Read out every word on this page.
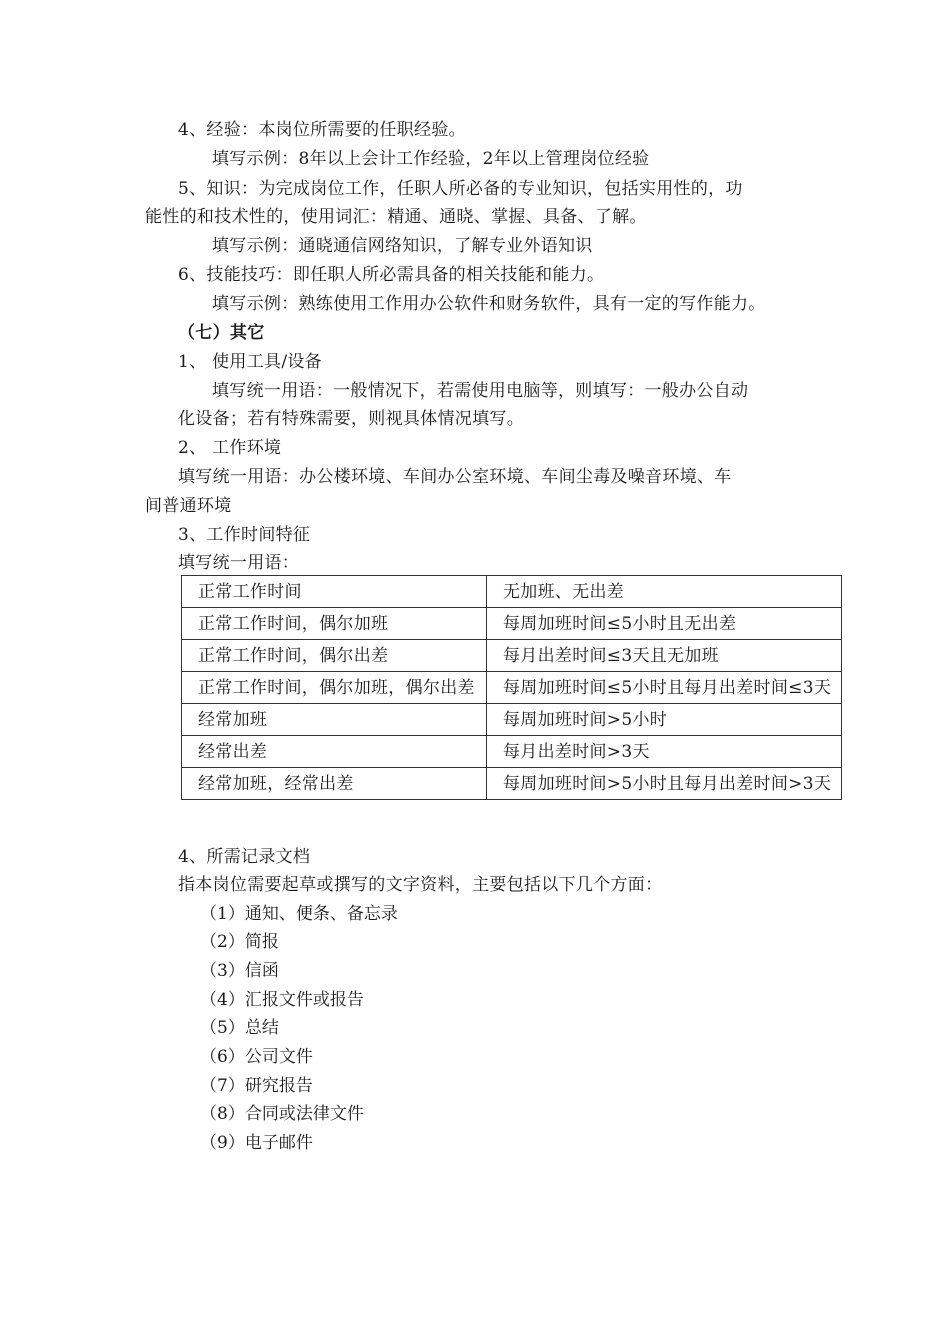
4、经验：本岗位所需要的任职经验。
填写示例：8年以上会计工作经验，2年以上管理岗位经验
5、知识：为完成岗位工作，任职人所必备的专业知识，包括实用性的，功
能性的和技术性的，使用词汇：精通、通晓、掌握、具备、了解。
填写示例：通晓通信网络知识，了解专业外语知识
6、技能技巧：即任职人所必需具备的相关技能和能力。
填写示例：熟练使用工作用办公软件和财务软件，具有一定的写作能力。
（七）其它
1、 使用工具/设备
填写统一用语：一般情况下，若需使用电脑等，则填写：一般办公自动
化设备；若有特殊需要，则视具体情况填写。
2、 工作环境
填写统一用语：办公楼环境、车间办公室环境、车间尘毒及噪音环境、车
间普通环境
3、工作时间特征
填写统一用语：
正常工作时间	无加班、无出差
正常工作时间，偶尔加班	每周加班时间≤5小时且无出差
正常工作时间，偶尔出差	每月出差时间≤3天且无加班
正常工作时间，偶尔加班，偶尔出差	每周加班时间≤5小时且每月出差时间≤3天
经常加班	每周加班时间>5小时
经常出差	每月出差时间>3天
经常加班，经常出差	每周加班时间>5小时且每月出差时间>3天
4、所需记录文档
指本岗位需要起草或撰写的文字资料，主要包括以下几个方面：
（1）通知、便条、备忘录
（2）简报
（3）信函
（4）汇报文件或报告
（5）总结
（6）公司文件
（7）研究报告
（8）合同或法律文件
（9）电子邮件
